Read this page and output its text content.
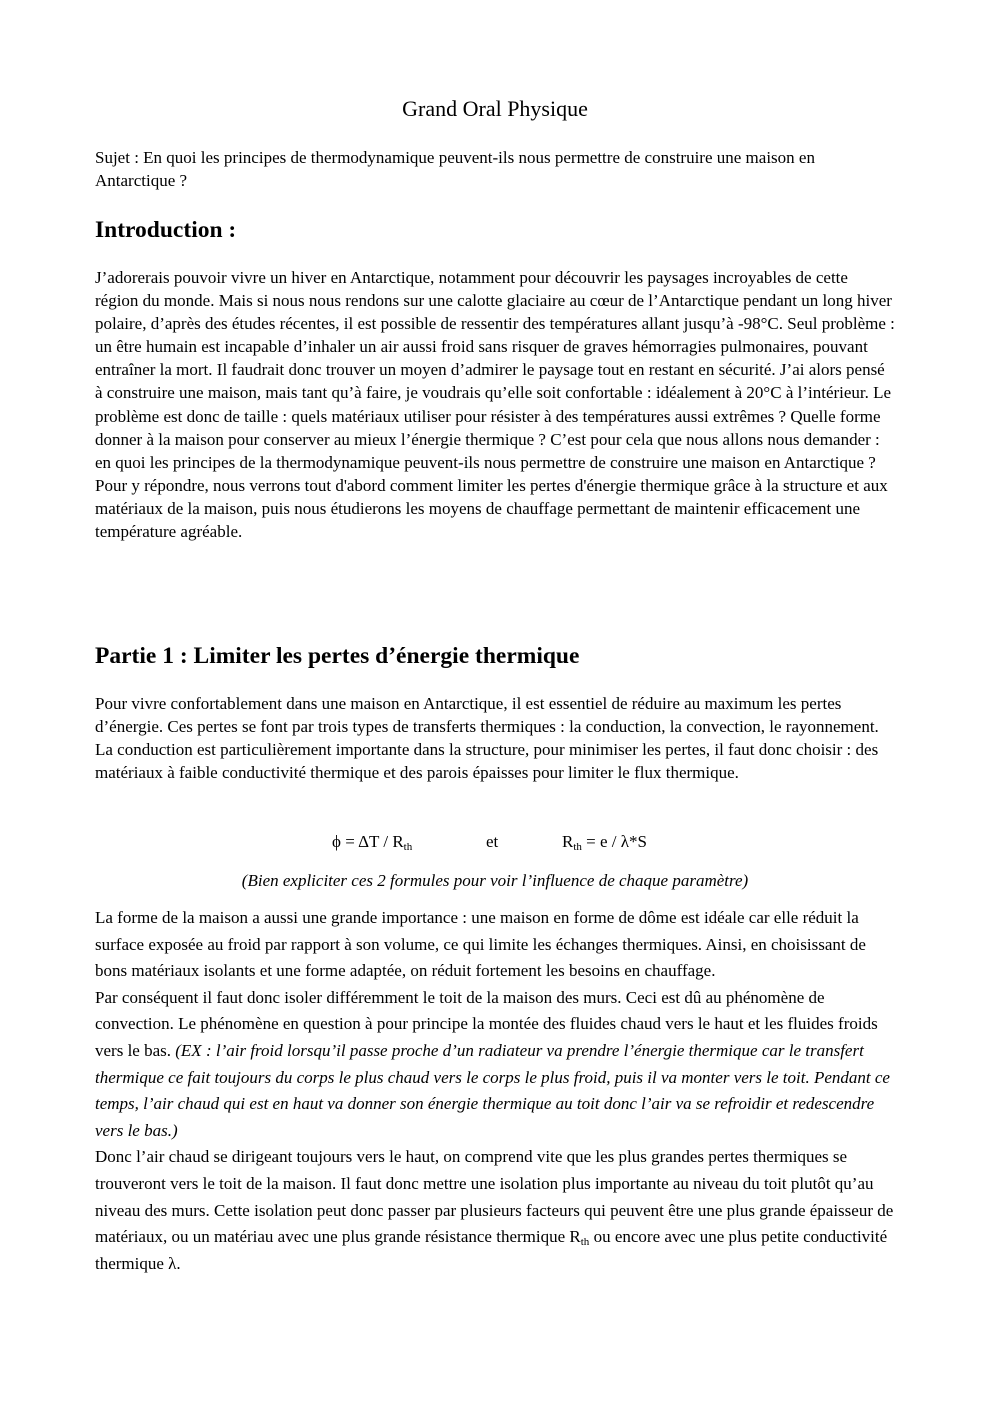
Grand Oral Physique
Sujet : En quoi les principes de thermodynamique peuvent-ils nous permettre de construire une maison en Antarctique ?
Introduction :
J’adorerais pouvoir vivre un hiver en Antarctique, notamment pour découvrir les paysages incroyables de cette région du monde. Mais si nous nous rendons sur une calotte glaciaire au cœur de l’Antarctique pendant un long hiver polaire, d’après des études récentes, il est possible de ressentir des températures allant jusqu’à -98°C. Seul problème : un être humain est incapable d’inhaler un air aussi froid sans risquer de graves hémorragies pulmonaires, pouvant entraîner la mort. Il faudrait donc trouver un moyen d’admirer le paysage tout en restant en sécurité. J’ai alors pensé à construire une maison, mais tant qu’à faire, je voudrais qu’elle soit confortable : idéalement à 20°C à l’intérieur. Le problème est donc de taille : quels matériaux utiliser pour résister à des températures aussi extrêmes ? Quelle forme donner à la maison pour conserver au mieux l’énergie thermique ? C’est pour cela que nous allons nous demander : en quoi les principes de la thermodynamique peuvent-ils nous permettre de construire une maison en Antarctique ? Pour y répondre, nous verrons tout d'abord comment limiter les pertes d'énergie thermique grâce à la structure et aux matériaux de la maison, puis nous étudierons les moyens de chauffage permettant de maintenir efficacement une température agréable.
Partie 1 : Limiter les pertes d’énergie thermique
Pour vivre confortablement dans une maison en Antarctique, il est essentiel de réduire au maximum les pertes d’énergie. Ces pertes se font par trois types de transferts thermiques : la conduction, la convection, le rayonnement. La conduction est particulièrement importante dans la structure, pour minimiser les pertes, il faut donc choisir : des matériaux à faible conductivité thermique et des parois épaisses pour limiter le flux thermique.
$\phi = \Delta T / R_{th}$	et	$R_{th} = e / \lambda*S$
(Bien expliciter ces 2 formules pour voir l’influence de chaque paramètre)

La forme de la maison a aussi une grande importance : une maison en forme de dôme est idéale car elle réduit la surface exposée au froid par rapport à son volume, ce qui limite les échanges thermiques. Ainsi, en choisissant de bons matériaux isolants et une forme adaptée, on réduit fortement les besoins en chauffage.

Par conséquent il faut donc isoler différemment le toit de la maison des murs. Ceci est dû au phénomène de convection. Le phénomène en question à pour principe la montée des fluides chaud vers le haut et les fluides froids vers le bas. (EX : l’air froid lorsqu’il passe proche d’un radiateur va prendre l’énergie thermique car le transfert thermique ce fait toujours du corps le plus chaud vers le corps le plus froid, puis il va monter vers le toit. Pendant ce temps, l’air chaud qui est en haut va donner son énergie thermique au toit donc l’air va se refroidir et redescendre vers le bas.)

Donc l’air chaud se dirigeant toujours vers le haut, on comprend vite que les plus grandes pertes thermiques se trouveront vers le toit de la maison. Il faut donc mettre une isolation plus importante au niveau du toit plutôt qu’au niveau des murs. Cette isolation peut donc passer par plusieurs facteurs qui peuvent être une plus grande épaisseur de matériaux, ou un matériau avec une plus grande résistance thermique $R_{th}$ ou encore avec une plus petite conductivité thermique λ.
